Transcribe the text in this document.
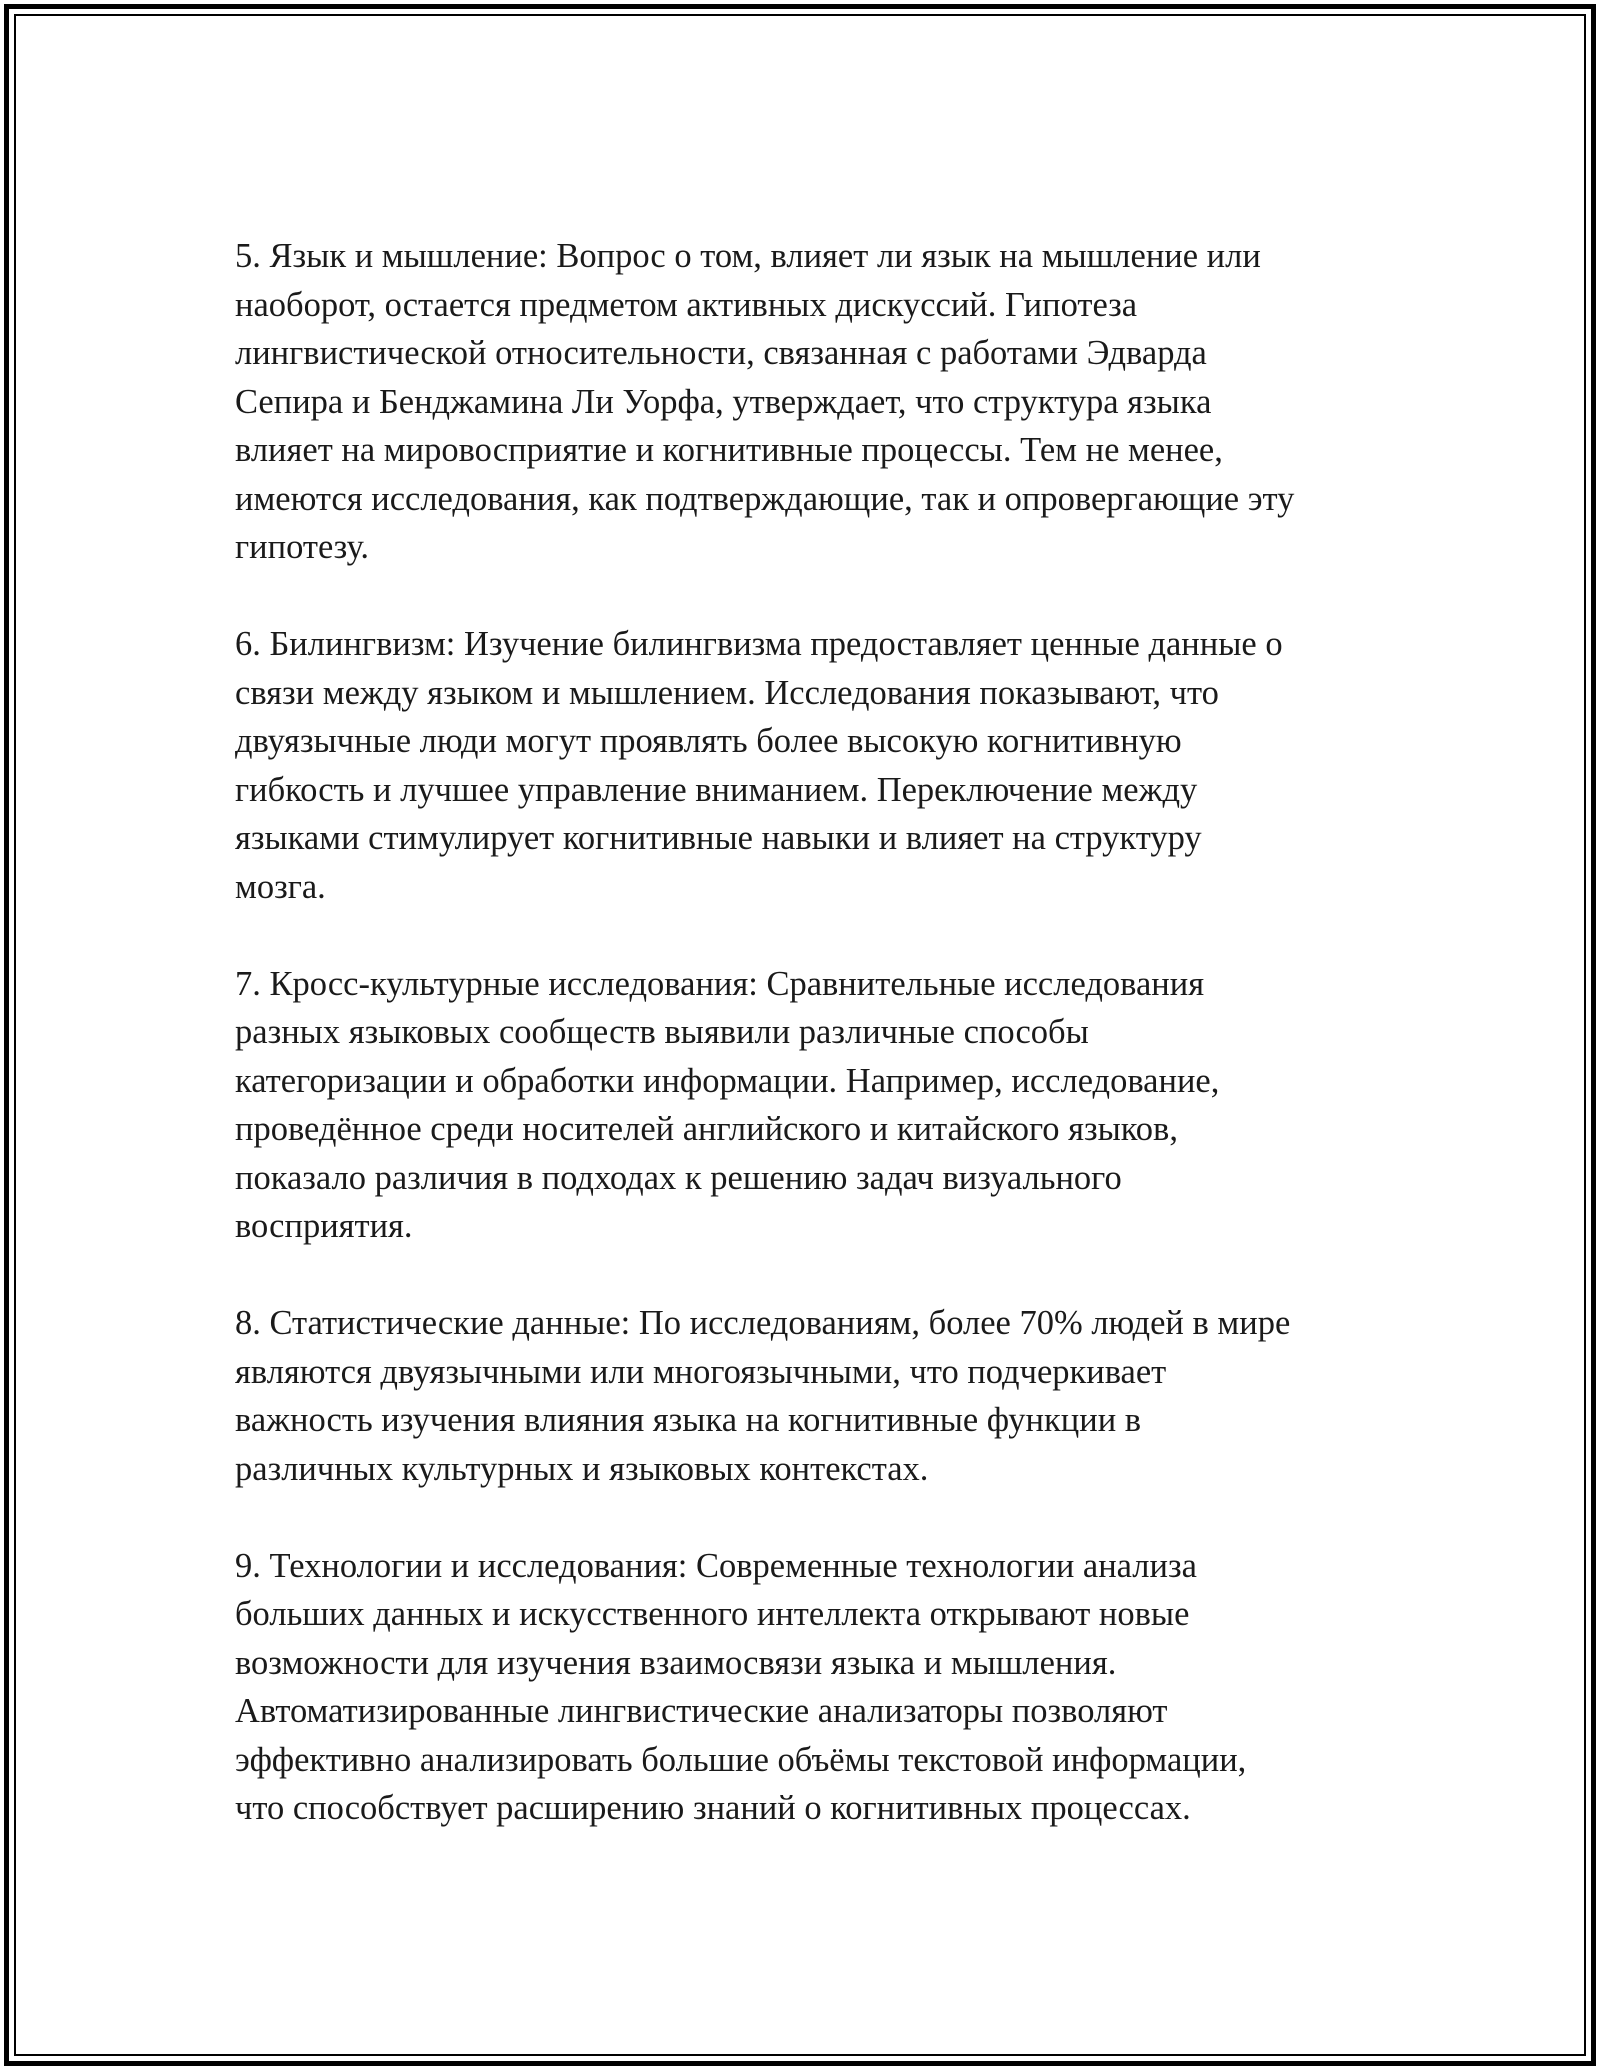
5. Язык и мышление: Вопрос о том, влияет ли язык на мышление или
наоборот, остается предметом активных дискуссий. Гипотеза
лингвистической относительности, связанная с работами Эдварда
Сепира и Бенджамина Ли Уорфа, утверждает, что структура языка
влияет на мировосприятие и когнитивные процессы. Тем не менее,
имеются исследования, как подтверждающие, так и опровергающие эту
гипотезу.

6. Билингвизм: Изучение билингвизма предоставляет ценные данные о
связи между языком и мышлением. Исследования показывают, что
двуязычные люди могут проявлять более высокую когнитивную
гибкость и лучшее управление вниманием. Переключение между
языками стимулирует когнитивные навыки и влияет на структуру
мозга.

7. Кросс-культурные исследования: Сравнительные исследования
разных языковых сообществ выявили различные способы
категоризации и обработки информации. Например, исследование,
проведённое среди носителей английского и китайского языков,
показало различия в подходах к решению задач визуального
восприятия.

8. Статистические данные: По исследованиям, более 70% людей в мире
являются двуязычными или многоязычными, что подчеркивает
важность изучения влияния языка на когнитивные функции в
различных культурных и языковых контекстах.

9. Технологии и исследования: Современные технологии анализа
больших данных и искусственного интеллекта открывают новые
возможности для изучения взаимосвязи языка и мышления.
Автоматизированные лингвистические анализаторы позволяют
эффективно анализировать большие объёмы текстовой информации,
что способствует расширению знаний о когнитивных процессах.
